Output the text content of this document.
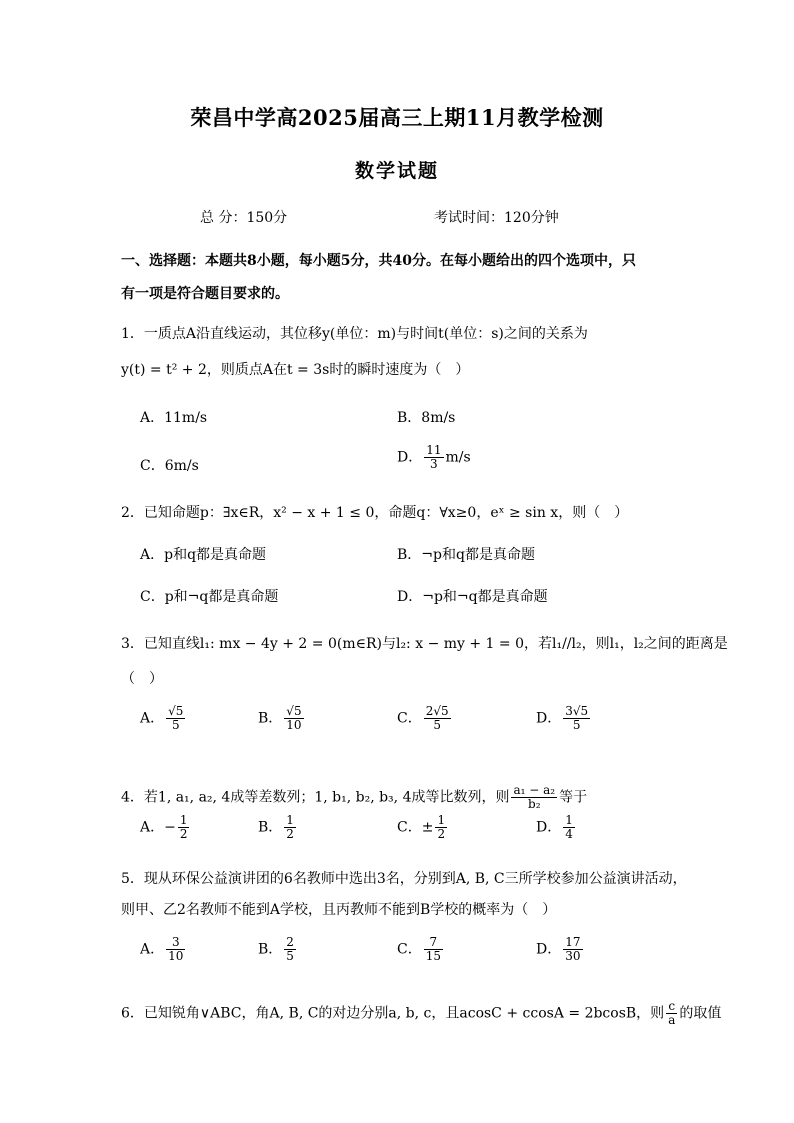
荣昌中学高2025届高三上期11月教学检测
数学试题
总 分：150分	考试时间：120分钟
一、选择题：本题共8小题，每小题5分，共40分。在每小题给出的四个选项中，只
有一项是符合题目要求的。
1．一质点A沿直线运动，其位移y(单位：m)与时间t(单位：s)之间的关系为
y(t) = t² + 2，则质点A在t = 3s时的瞬时速度为（　）
A．11m/s	B．8m/s
C．6m/s
D． $\frac{11}{3} m/s$
2．已知命题p：∃x∈R，x² − x + 1 ≤ 0，命题q：∀x≥0，eˣ ≥ sin x，则（　）
A．p和q都是真命题	B．¬p和q都是真命题
C．p和¬q都是真命题	D．¬p和¬q都是真命题
3．已知直线l₁: mx − 4y + 2 = 0(m∈R)与l₂: x − my + 1 = 0，若l₁//l₂，则l₁，l₂之间的距离是
（　）
A． $\frac{√5}{5}$	B． $\frac{√5}{10}$	C． $\frac{2√5}{5}$	D． $\frac{3√5}{5}$
4．若1, a₁, a₂, 4成等差数列；1, b₁, b₂, b₃, 4成等比数列，则 $\frac{\text{a₁ − a₂}}{\text{b₂}}$ 等于
A．− $\frac{1}{2}$	B． $\frac{1}{2}$	C．± $\frac{1}{2}$	D． $\frac{1}{4}$
5．现从环保公益演讲团的6名教师中选出3名，分别到A, B, C三所学校参加公益演讲活动，
则甲、乙2名教师不能到A学校，且丙教师不能到B学校的概率为（　）
A． $\frac{3}{10}$	B． $\frac{2}{5}$	C． $\frac{7}{15}$	D． $\frac{17}{30}$
6．已知锐角∨ABC，角A, B, C的对边分别a, b, c，且acosC + ccosA = 2bcosB，则 $\frac{c}{a}$ 的取值
